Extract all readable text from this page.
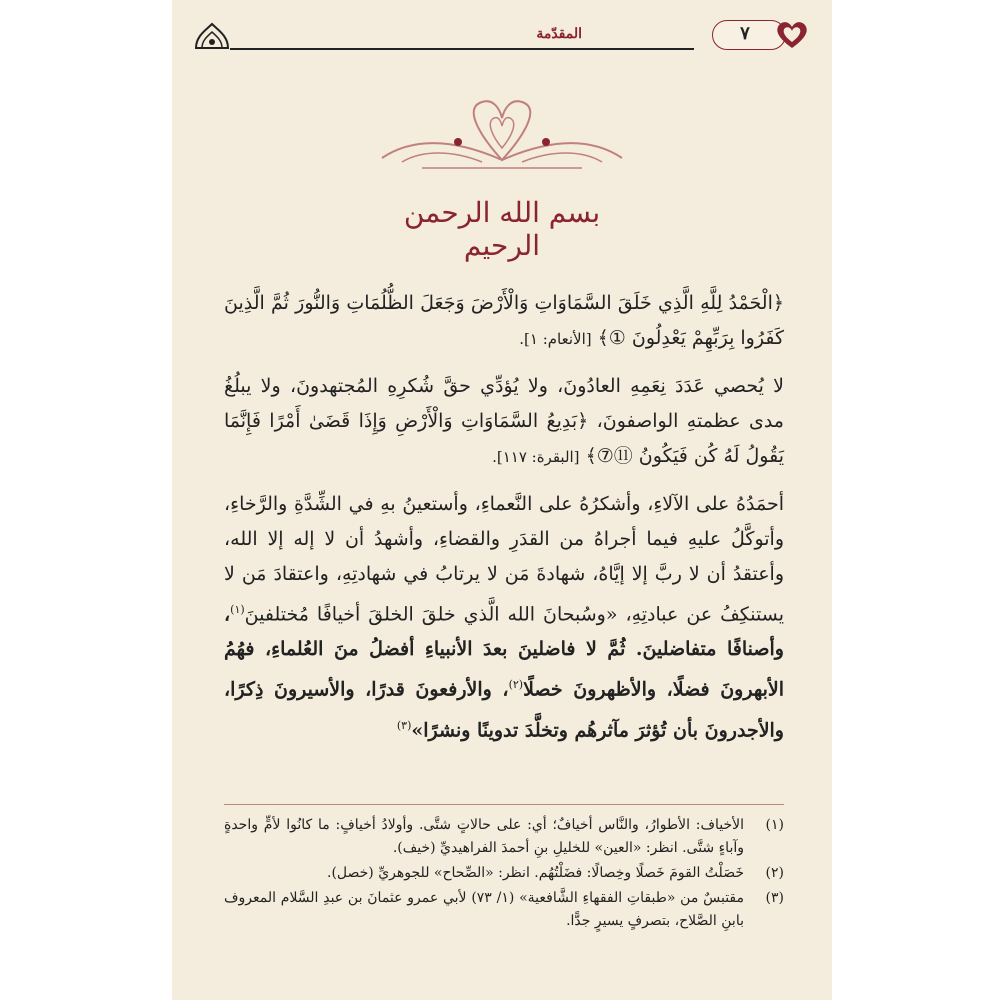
المقدّمة	٧
بسم الله الرحمن الرحيم

﴿الْحَمْدُ لِلَّهِ الَّذِي خَلَقَ السَّمَاوَاتِ وَالْأَرْضَ وَجَعَلَ الظُّلُمَاتِ وَالنُّورَ ثُمَّ الَّذِينَ كَفَرُوا بِرَبِّهِمْ يَعْدِلُونَ ①﴾ [الأنعام: ١].

لا يُحصي عَدَدَ نِعَمِهِ العادُونَ، ولا يُؤدِّي حقَّ شُكرِهِ المُجتهدونَ، ولا يبلُغُ مدى عظمتهِ الواصفونَ، ﴿بَدِيعُ السَّمَاوَاتِ وَالْأَرْضِ وَإِذَا قَضَىٰ أَمْرًا فَإِنَّمَا يَقُولُ لَهُ كُن فَيَكُونُ ⑪⑦﴾ [البقرة: ١١٧].

أحمَدُهُ على الآلاءِ، وأشكرُهُ على النَّعماءِ، وأستعينُ بهِ في الشِّدَّةِ والرَّخاءِ، وأتوكَّلُ عليهِ فيما أجراهُ من القدَرِ والقضاءِ، وأشهدُ أن لا إله إلا الله، وأعتقدُ أن لا ربَّ إلا إيَّاهُ، شهادةَ مَن لا يرتابُ في شهادتِهِ، واعتقادَ مَن لا يستنكِفُ عن عبادتِهِ، «وسُبحانَ الله الَّذي خلقَ الخلقَ أخيافًا مُختلفينَ$^{(١)}$، وأصنافًا متفاضلينَ. ثُمَّ لا فاضلينَ بعدَ الأنبياءِ أفضلُ منَ العُلماءِ، فهُمُ الأبهرونَ فضلًا، والأظهرونَ خصلًا$^{(٢)}$، والأرفعونَ قدرًا، والأسيرونَ ذِكرًا، والأجدرونَ بأن تُؤثرَ مآثرهُم وتخلَّدَ تدوينًا ونشرًا»$^{(٣)}$

(١)
الأخياف: الأطوارُ، والنَّاس أخيافٌ؛ أي: على حالاتٍ شتَّى. وأولادُ أخيافٍ: ما كانُوا لأمٍّ واحدةٍ وآباءٍ شتَّى. انظر: «العين» للخليلِ بنِ أحمدَ الفراهيديِّ (خيف).
(٢)
خَصَلْتُ القومَ خَصلًا وخِصالًا: فضَلْتُهُم. انظر: «الصِّحاح» للجوهريِّ (خصل).
(٣)
مقتبسٌ من «طبقاتِ الفقهاءِ الشَّافعية» (١/ ٧٣) لأبي عمرو عثمانَ بن عبدِ السَّلام المعروف بابنِ الصَّلاح، بتصرفٍ يسيرٍ جدًّا.
